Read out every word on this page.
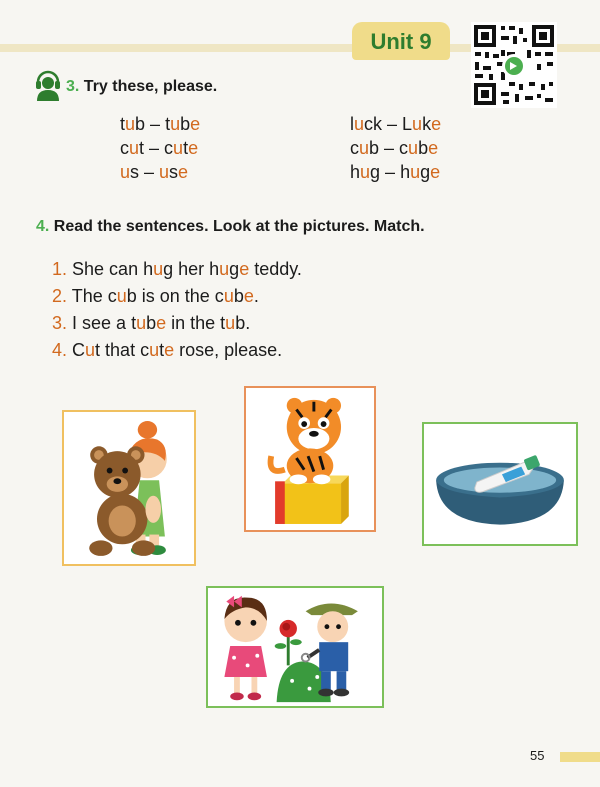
Unit 9
3. Try these, please.
tub – tube
cut – cute
us – use
luck – Luke
cub – cube
hug – huge
4. Read the sentences. Look at the pictures. Match.
1. She can hug her huge teddy.
2. The cub is on the cube.
3. I see a tube in the tub.
4. Cut that cute rose, please.
55
